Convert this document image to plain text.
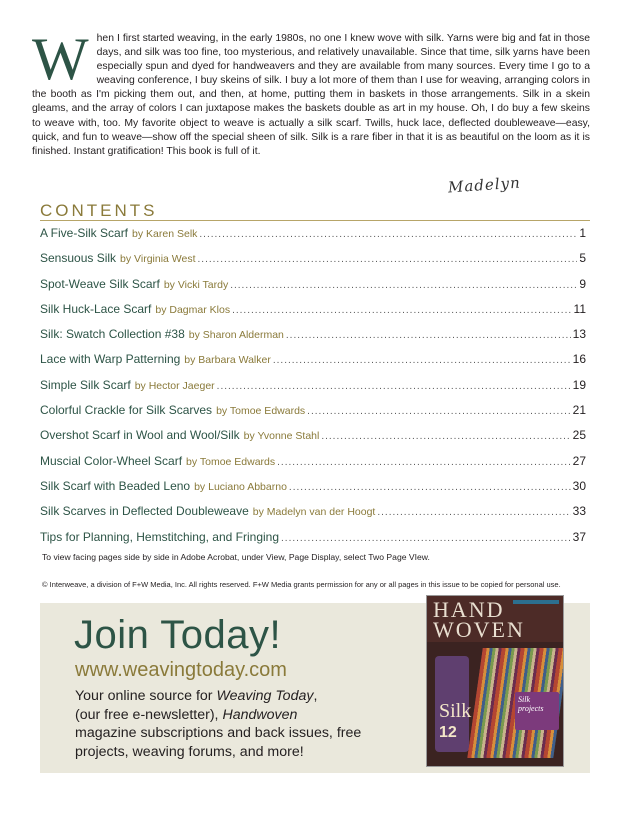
W hen I first started weaving, in the early 1980s, no one I knew wove with silk. Yarns were big and fat in those days, and silk was too fine, too mysterious, and relatively unavailable. Since that time, silk yarns have been especially spun and dyed for handweavers and they are available from many sources. Every time I go to a weaving conference, I buy skeins of silk. I buy a lot more of them than I use for weaving, arranging colors in the booth as I'm picking them out, and then, at home, putting them in baskets in those arrangements. Silk in a skein gleams, and the array of colors I can juxtapose makes the baskets double as art in my house. Oh, I do buy a few skeins to weave with, too. My favorite object to weave is actually a silk scarf. Twills, huck lace, deflected doubleweave—easy, quick, and fun to weave—show off the special sheen of silk. Silk is a rare fiber in that it is as beautiful on the loom as it is finished. Instant gratification! This book is full of it.
Madelyn
CONTENTS
A Five-Silk Scarf by Karen Selk .....	1
Sensuous Silk by Virginia West .....	5
Spot-Weave Silk Scarf by Vicki Tardy .....	9
Silk Huck-Lace Scarf by Dagmar Klos .....	11
Silk: Swatch Collection #38 by Sharon Alderman .....	13
Lace with Warp Patterning by Barbara Walker .....	16
Simple Silk Scarf by Hector Jaeger .....	19
Colorful Crackle for Silk Scarves by Tomoe Edwards .....	21
Overshot Scarf in Wool and Wool/Silk by Yvonne Stahl .....	25
Muscial Color-Wheel Scarf by Tomoe Edwards .....	27
Silk Scarf with Beaded Leno by Luciano Abbarno .....	30
Silk Scarves in Deflected Doubleweave by Madelyn van der Hoogt .....	33
Tips for Planning, Hemstitching, and Fringing .....	37
To view facing pages side by side in Adobe Acrobat, under View, Page Display, select Two Page VIew.
© Interweave, a division of F+W Media, Inc. All rights reserved. F+W Media grants permission for any or all pages in this issue to be copied for personal use.
Join Today!
www.weavingtoday.com
Your online source for Weaving Today,
(our free e-newsletter), Handwoven
magazine subscriptions and back issues, free projects, weaving forums, and more!
HAND
WOVEN
Silk
12
Silk projects
